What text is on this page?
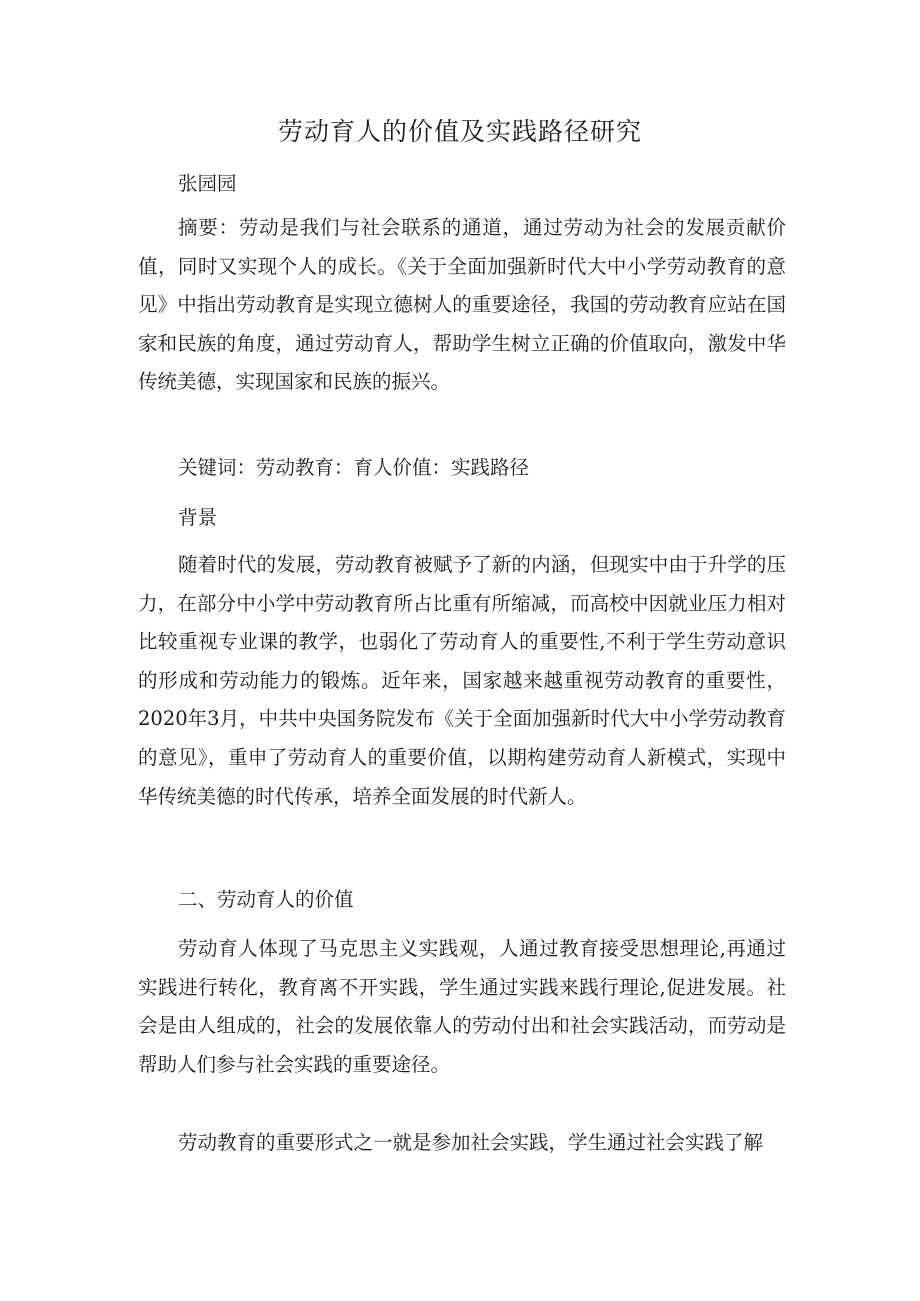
劳动育人的价值及实践路径研究

张园园

摘要：劳动是我们与社会联系的通道，通过劳动为社会的发展贡献价值，同时又实现个人的成长。《关于全面加强新时代大中小学劳动教育的意见》中指出劳动教育是实现立德树人的重要途径，我国的劳动教育应站在国家和民族的角度，通过劳动育人，帮助学生树立正确的价值取向，激发中华传统美德，实现国家和民族的振兴。

关键词：劳动教育：育人价值：实践路径

背景

随着时代的发展，劳动教育被赋予了新的内涵，但现实中由于升学的压力，在部分中小学中劳动教育所占比重有所缩减，而高校中因就业压力相对比较重视专业课的教学，也弱化了劳动育人的重要性,不利于学生劳动意识的形成和劳动能力的锻炼。近年来，国家越来越重视劳动教育的重要性，2020年3月，中共中央国务院发布《关于全面加强新时代大中小学劳动教育的意见》，重申了劳动育人的重要价值，以期构建劳动育人新模式，实现中华传统美德的时代传承，培养全面发展的时代新人。

二、劳动育人的价值

劳动育人体现了马克思主义实践观，人通过教育接受思想理论,再通过实践进行转化，教育离不开实践，学生通过实践来践行理论,促进发展。社会是由人组成的，社会的发展依靠人的劳动付出和社会实践活动，而劳动是帮助人们参与社会实践的重要途径。

劳动教育的重要形式之一就是参加社会实践，学生通过社会实践了解
